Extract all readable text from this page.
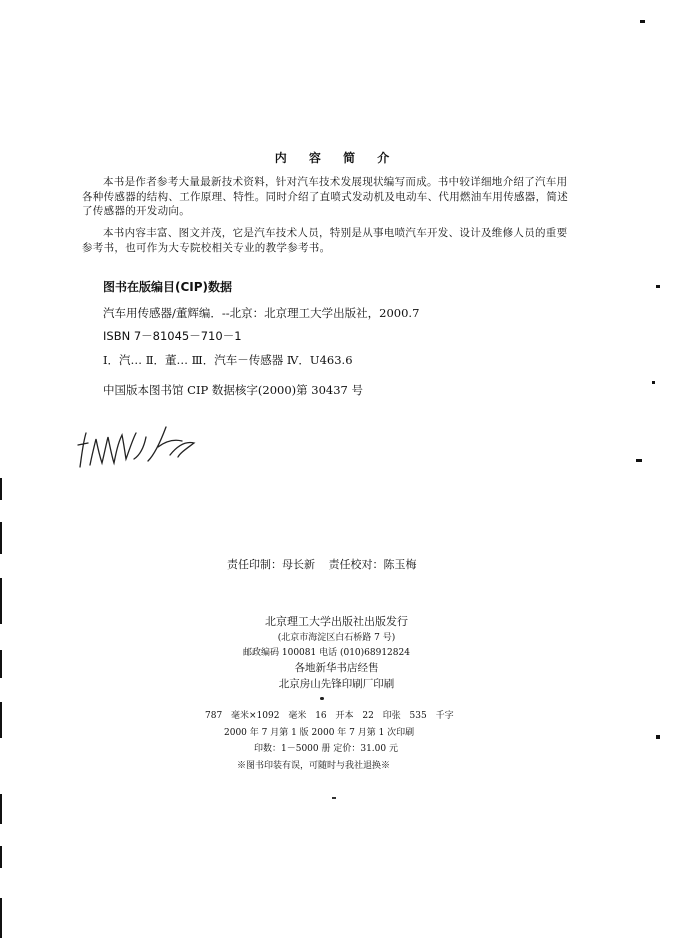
内 容 简 介
本书是作者参考大量最新技术资料，针对汽车技术发展现状编写而成。书中较详细地介绍了汽车用各种传感器的结构、工作原理、特性。同时介绍了直喷式发动机及电动车、代用燃油车用传感器，简述了传感器的开发动向。
本书内容丰富、图文并茂，它是汽车技术人员，特别是从事电喷汽车开发、设计及维修人员的重要参考书，也可作为大专院校相关专业的教学参考书。
图书在版编目(CIP)数据
汽车用传感器/董辉编．--北京：北京理工大学出版社，2000.7
ISBN 7－81045－710－1
Ⅰ．汽… Ⅱ．董… Ⅲ．汽车－传感器 Ⅳ．U463.6
中国版本图书馆 CIP 数据核字(2000)第 30437 号
责任印制：母长新 责任校对：陈玉梅
北京理工大学出版社出版发行
(北京市海淀区白石桥路 7 号)
邮政编码 100081 电话 (010)68912824
各地新华书店经售
北京房山先锋印刷厂印刷
787 毫米×1092 毫米 16 开本 22 印张 535 千字
2000 年 7 月第 1 版 2000 年 7 月第 1 次印刷
印数：1－5000 册 定价：31.00 元
※图书印装有误，可随时与我社退换※
